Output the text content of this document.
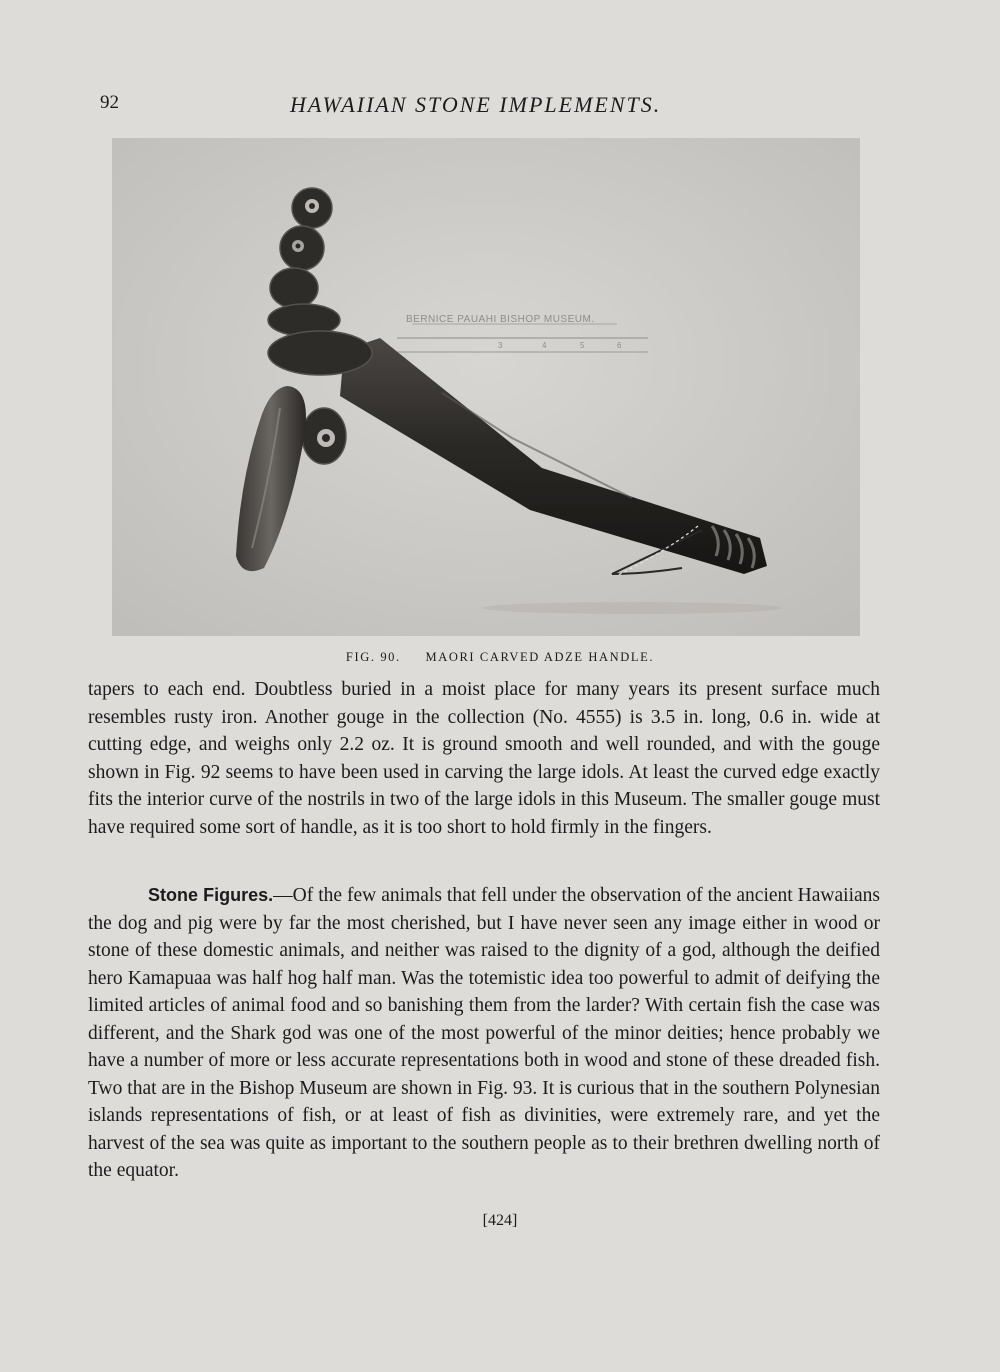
92	HAWAIIAN STONE IMPLEMENTS.
BERNICE PAUAHI BISHOP MUSEUM.
3	4	5	6
FIG. 90. MAORI CARVED ADZE HANDLE.

tapers to each end. Doubtless buried in a moist place for many years its present surface much resembles rusty iron. Another gouge in the collection (No. 4555) is 3.5 in. long, 0.6 in. wide at cutting edge, and weighs only 2.2 oz. It is ground smooth and well rounded, and with the gouge shown in Fig. 92 seems to have been used in carving the large idols. At least the curved edge exactly fits the interior curve of the nostrils in two of the large idols in this Museum. The smaller gouge must have required some sort of handle, as it is too short to hold firmly in the fingers.

Stone Figures.—Of the few animals that fell under the observation of the ancient Hawaiians the dog and pig were by far the most cherished, but I have never seen any image either in wood or stone of these domestic animals, and neither was raised to the dignity of a god, although the deified hero Kamapuaa was half hog half man. Was the totemistic idea too powerful to admit of deifying the limited articles of animal food and so banishing them from the larder? With certain fish the case was different, and the Shark god was one of the most powerful of the minor deities; hence probably we have a number of more or less accurate representations both in wood and stone of these dreaded fish. Two that are in the Bishop Museum are shown in Fig. 93. It is curious that in the southern Polynesian islands representations of fish, or at least of fish as divinities, were extremely rare, and yet the harvest of the sea was quite as important to the southern people as to their brethren dwelling north of the equator.

[424]
